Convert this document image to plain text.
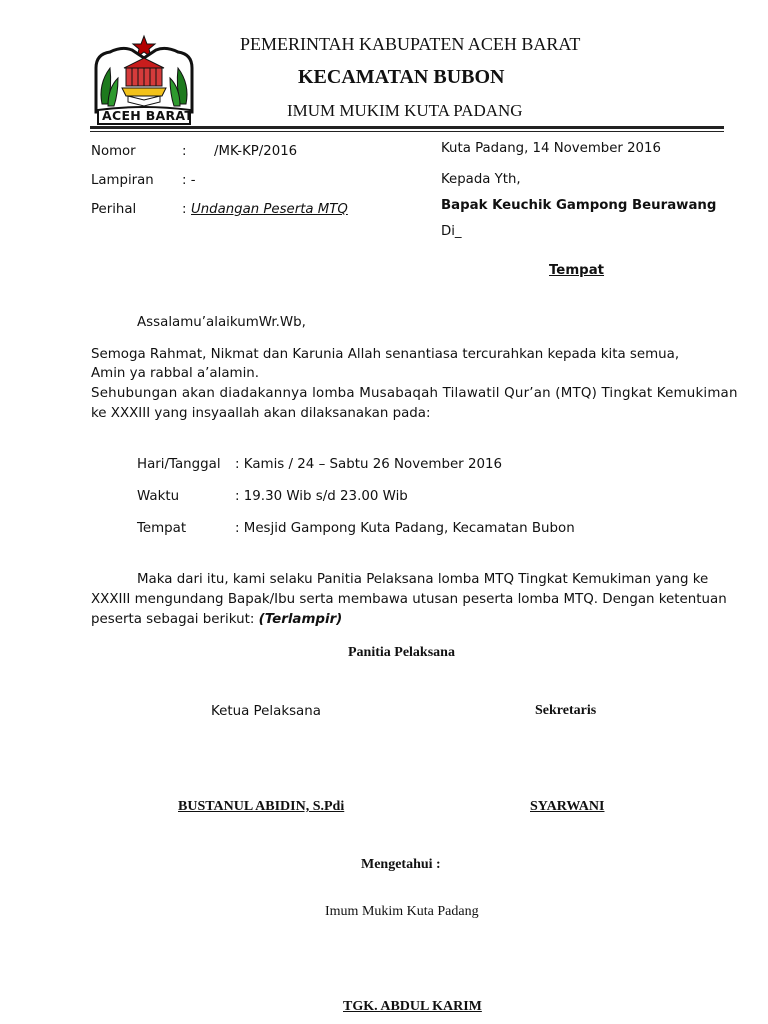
ACEH BARAT
PEMERINTAH KABUPATEN ACEH BARAT
KECAMATAN BUBON
IMUM MUKIM KUTA PADANG
Nomor	: /MK-KP/2016
Lampiran : -
Perihal	: Undangan Peserta MTQ
Kuta Padang, 14 November 2016
Kepada Yth,
Bapak Keuchik Gampong Beurawang
Di_
Tempat
Assalamu’alaikumWr.Wb,
Semoga Rahmat, Nikmat dan Karunia Allah senantiasa tercurahkan kepada kita semua,
Amin ya rabbal a’alamin.
Sehubungan akan diadakannya lomba Musabaqah Tilawatil Qur’an (MTQ) Tingkat Kemukiman
ke XXXIII yang insyaallah akan dilaksanakan pada:
Hari/Tanggal : Kamis / 24 – Sabtu 26 November 2016
Waktu	: 19.30 Wib s/d 23.00 Wib
Tempat	: Mesjid Gampong Kuta Padang, Kecamatan Bubon
Maka dari itu, kami selaku Panitia Pelaksana lomba MTQ Tingkat Kemukiman yang ke
XXXIII mengundang Bapak/Ibu serta membawa utusan peserta lomba MTQ. Dengan ketentuan
peserta sebagai berikut: (Terlampir)
Panitia Pelaksana
Ketua Pelaksana	Sekretaris
BUSTANUL ABIDIN, S.Pdi	SYARWANI
Mengetahui :
Imum Mukim Kuta Padang
TGK. ABDUL KARIM
